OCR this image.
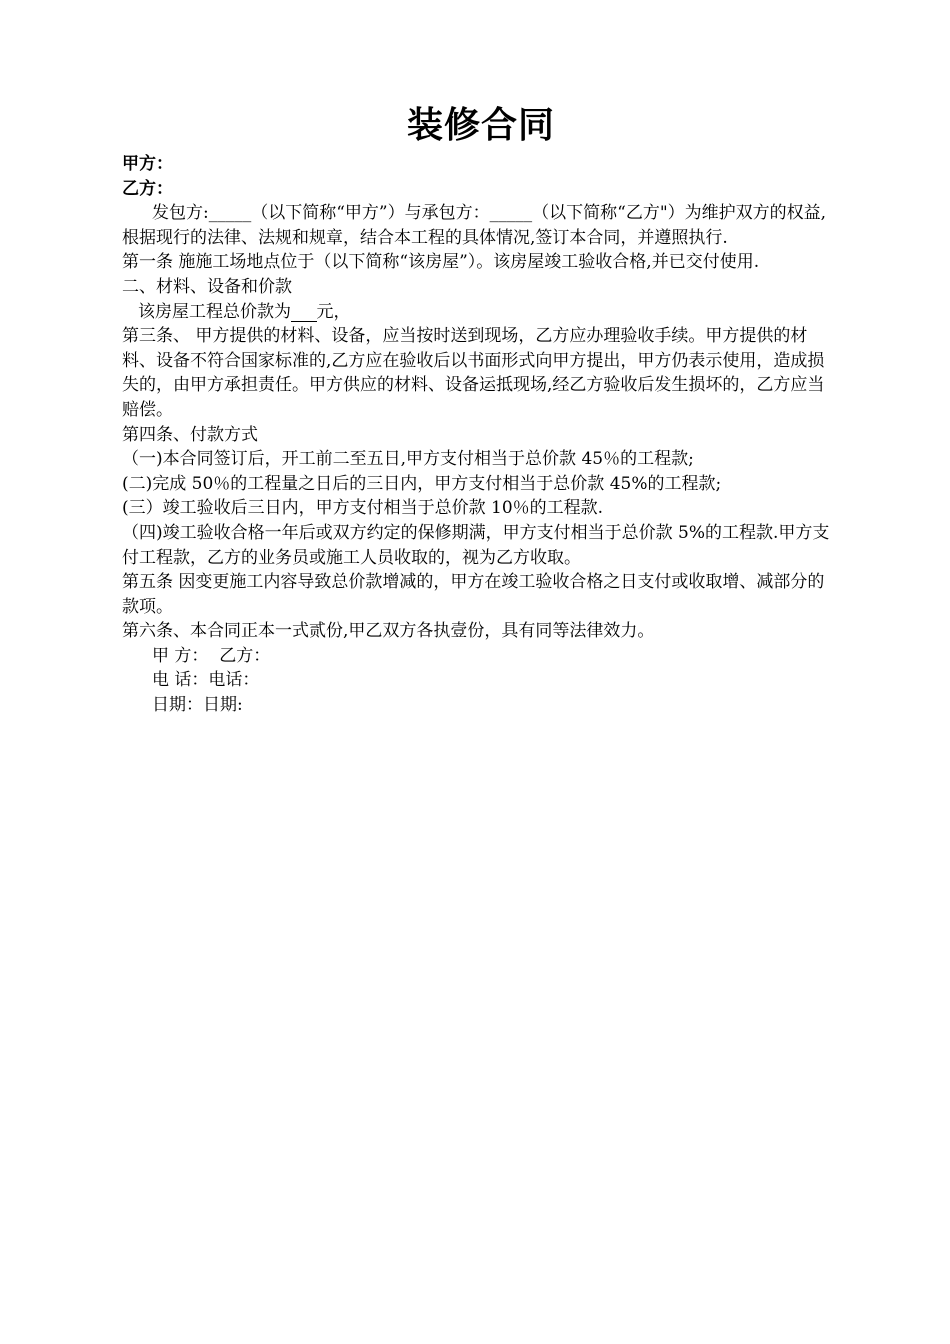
装修合同

甲方：

乙方：

发包方:_____（以下简称“甲方”）与承包方：_____（以下简称“乙方"）为维护双方的权益,根据现行的法律、法规和规章，结合本工程的具体情况,签订本合同，并遵照执行.

第一条 施施工场地点位于（以下简称“该房屋”）。该房屋竣工验收合格,并已交付使用.

二、材料、设备和价款

该房屋工程总价款为    元，

第三条、 甲方提供的材料、设备，应当按时送到现场，乙方应办理验收手续。甲方提供的材料、设备不符合国家标准的,乙方应在验收后以书面形式向甲方提出，甲方仍表示使用，造成损失的，由甲方承担责任。甲方供应的材料、设备运抵现场,经乙方验收后发生损坏的，乙方应当赔偿。

第四条、付款方式

（一)本合同签订后，开工前二至五日,甲方支付相当于总价款 45％的工程款;

(二)完成 50％的工程量之日后的三日内，甲方支付相当于总价款 45%的工程款;

(三）竣工验收后三日内，甲方支付相当于总价款 10％的工程款.

（四)竣工验收合格一年后或双方约定的保修期满，甲方支付相当于总价款 5%的工程款.甲方支付工程款，乙方的业务员或施工人员收取的，视为乙方收取。

第五条 因变更施工内容导致总价款增减的，甲方在竣工验收合格之日支付或收取增、减部分的款项。

第六条、本合同正本一式贰份,甲乙双方各执壹份，具有同等法律效力。

甲 方：  乙方：

电 话：电话：

日期：日期:
